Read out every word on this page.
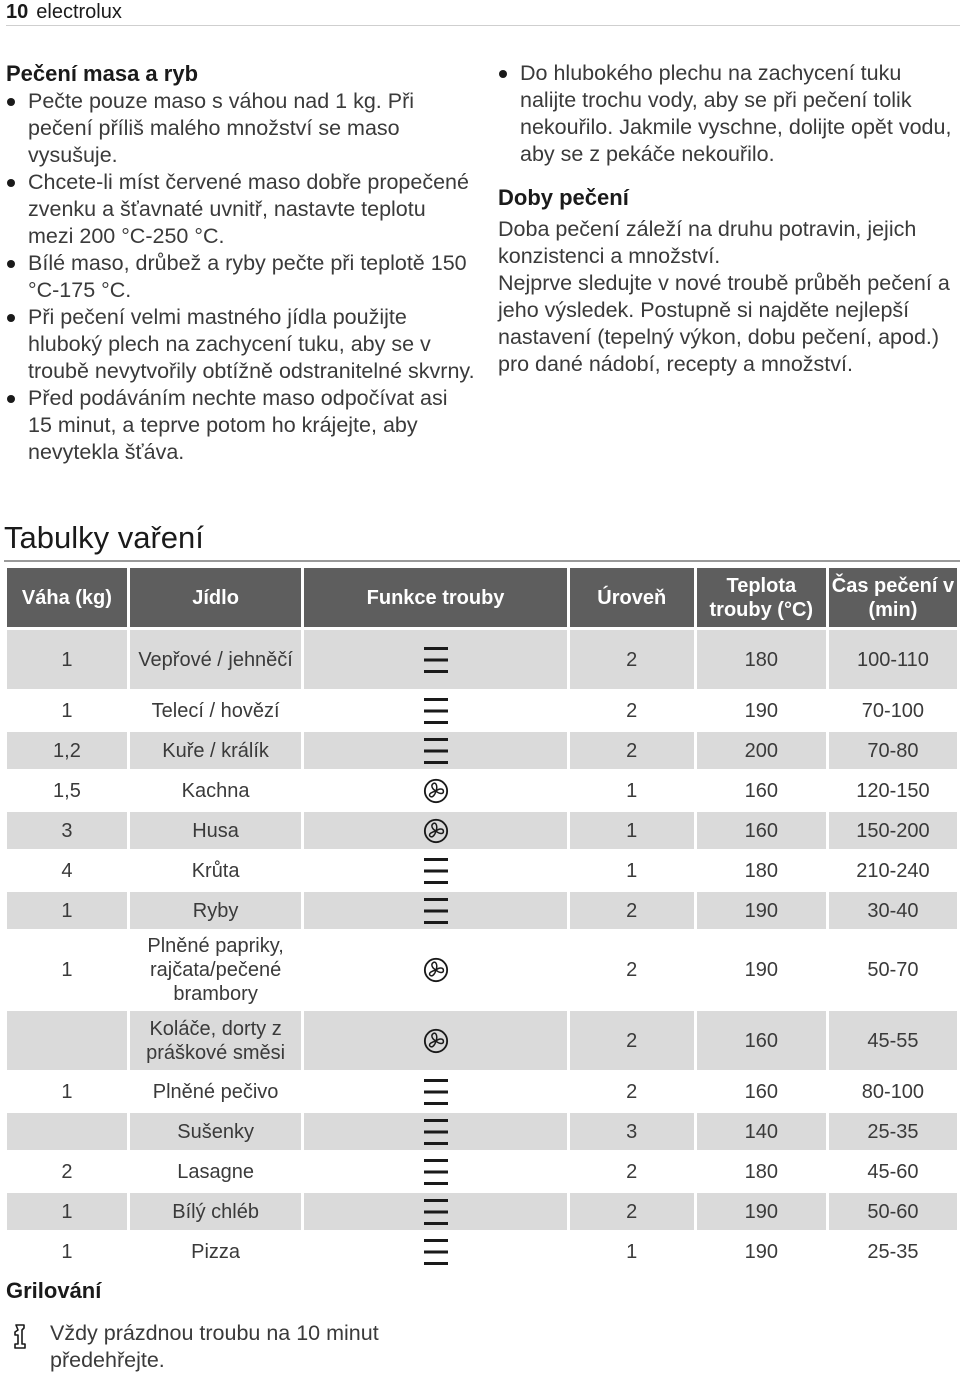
10 electrolux
Pečení masa a ryb
Pečte pouze maso s váhou nad 1 kg. Při pečení příliš malého množství se maso vysušuje.
Chcete-li míst červené maso dobře propečené zvenku a šťavnaté uvnitř, nastavte teplotu mezi 200 °C-250 °C.
Bílé maso, drůbež a ryby pečte při teplotě 150 °C-175 °C.
Při pečení velmi mastného jídla použijte hluboký plech na zachycení tuku, aby se v troubě nevytvořily obtížně odstranitelné skvrny.
Před podáváním nechte maso odpočívat asi 15 minut, a teprve potom ho krájejte, aby nevytekla šťáva.
Do hlubokého plechu na zachycení tuku nalijte trochu vody, aby se při pečení tolik nekouřilo. Jakmile vyschne, dolijte opět vodu, aby se z pekáče nekouřilo.
Doby pečení
Doba pečení záleží na druhu potravin, jejich konzistenci a množství.
Nejprve sledujte v nové troubě průběh pečení a jeho výsledek. Postupně si najděte nejlepší nastavení (tepelný výkon, dobu pečení, apod.) pro dané nádobí, recepty a množství.
Tabulky vaření
Váha (kg)	Jídlo	Funkce trouby	Úroveň	Teplota trouby (°C)	Čas pečení v (min)
1	Vepřové / jehněčí		2	180	100-110
1	Telecí / hovězí		2	190	70-100
1,2	Kuře / králík		2	200	70-80
1,5	Kachna		1	160	120-150
3	Husa		1	160	150-200
4	Krůta		1	180	210-240
1	Ryby		2	190	30-40
1	Plněné papriky, rajčata/pečené brambory		2	190	50-70
	Koláče, dorty z práškové směsi		2	160	45-55
1	Plněné pečivo		2	160	80-100
	Sušenky		3	140	25-35
2	Lasagne		2	180	45-60
1	Bílý chléb		2	190	50-60
1	Pizza		1	190	25-35
Grilování
Vždy prázdnou troubu na 10 minut předehřejte.
